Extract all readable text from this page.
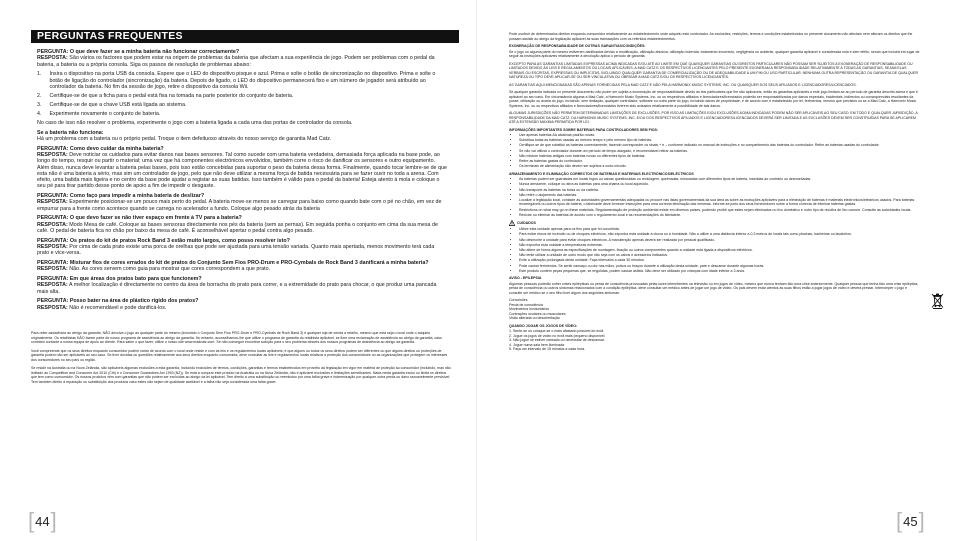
PERGUNTAS FREQUENTES

PERGUNTA: O que deve fazer se a minha bateria não funcionar correctamente?
RESPOSTA: São vários os factores que podem estar na origem de problemas da bateria que afectam a sua experiência de jogo. Podem ser problemas com o pedal da bateria, a bateria ou a própria consola. Siga os passos de resolução de problemas abaixo:

1. Insira o dispositivo na porta USB da consola. Espere que o LED do dispositivo pisque e azul. Prima e solte o botão de sincronização no dispositivo. Prima e solte o botão de ligação do controlador (sincronização) da bateria. Depois de ligado, o LED do dispositivo permanecerá fixo e um número de jogador será atribuído ao controlador da bateria. No fim da sessão de jogo, retire o dispositivo da consola Wii.
2. Certifique-se de que a ficha para o pedal está fixa na tomada na parte posterior do conjunto de bateria.
3. Certifique-se de que a chave USB está ligada ao sistema.
4. Experimente novamente o conjunto de bateria.

No caso de isso não resolver o problema, experimente o jogo com a bateria ligada a cada uma das portas de controlador da consola.

Se a bateria não funciona:
Há um problema com a bateria ou o próprio pedal. Troque o item defeituoso através do nosso serviço de garantia Mad Catz.

PERGUNTA: Como devo cuidar da minha bateria?
RESPOSTA: Deve noticiar os cuidados para evitar danos nas bases sensores. Tal como sucede com uma bateria verdadeira, demasiada força aplicada na base pode, ao longo do tempo, resquir ou partir o material; uma vez que há componentes electrónicos envolvidos, também corre o risco de danificar os sensores e outro equipamento. Além disso, nunca deve levantar a bateria pelas bases, pois isso estão concebidas para suportar o peso da bateria dessa forma. Finalmente, quando tocar lembre-se de que esta não é uma bateria a sério, mas sim um controlador de jogo, pelo que não deve utilizar a mesma força de batida necessária para se fazer ouvir no toda a arena. Com efeito, uma batida mais ligeira e no centro da base pode ajudar a registar as suas batidas. Isso também é válido para o pedal da bateria! Esteja atento à mola e coloque o seu pé para tirar partido desse ponto de apoio a fim de impedir o desgaste.

PERGUNTA: Como faço para impedir a minha bateria de deslizar?
RESPOSTA: Experimente posicionar-se um pouco mais perto do pedal. A bateria move-se menos se carregar para baixo como quando bate com o pé no chão, em vez de empurrar para a frente como acontece quando se carrega no acelerador a fundo. Coloque algo pesado atrás da bateria

PERGUNTA: O que devo fazer se não tiver espaço em frente à TV para a bateria?
RESPOSTA: Modo Mesa de café. Coloque as bases sensoras directamente nos pés da bateria (sem as pernas). Em seguida ponha o conjunto em cima da sua mesa de café. O pedal de bateria fica no chão por baixo da mesa de café. É aconselhável apertar o pedal contra algo pesado.

PERGUNTA: Os pratos do kit de pratos Rock Band 3 estão muito largos, como posso resolver isto?
RESPOSTA: Por cima de cada prato existe uma porca de orelhas que pode ser ajustada para uma tensão variada. Quanto mais apertada, menos movimento terá cada prato e vice-versa.

PERGUNTA: Misturar fios de cores errados do kit de pratos do Conjunto Sem Fios PRO-Drum e PRO-Cymbals de Rock Band 3 danificará a minha bateria?
RESPOSTA: Não. As cores servem como guia para mostrar que cores correspondem a que prato.

PERGUNTA: Em que áreas dos pratos bato para que funcionem?
RESPOSTA: A melhor localização é directamente no centro da área de borracha do prato para correr, e a extremidade do prato para chocar, o que produz uma pancada mais alta.

PERGUNTA: Posso bater na área de plástico rígido dos pratos?
RESPOSTA: Não é recomendável e pode danificá-los.

Para obter assistência ao abrigo da garantia, NÃO devolva o jogo ao qualquer parte do mesmo (incluindo o Conjunto Sem Fios PRO-Drum e PRO-Cymbals de Rock Band 3) e qualquer loja de venda a retalho, mesmo que esta seja o local onde o adquiriu originalmente. Os retalhistas NÃO fazem parte do nosso programa de assistência ao abrigo da garantia. No entanto, aconselhamos-lhe que utilize o programa de garantia do retalhista aplicável, se fizer uma reclamação de assistência ao abrigo da garantia, caso contrário contacte a nossa equipa de apoio ao cliente. Para saber o que fazer, utilize o nosso site www.madcatz.com. Se não conseguir encontrar solução para o seu problema através dos nossos programas de assistência ao abrigo da garantia.

Você compreende que os seus direitos enquanto consumidor podem variar de acordo com o local onde reside e com as leis e os regulamentos locais aplicáveis, e que alguns ou todos os seus direitos podem ser diferentes ou que alguns direitos ou proteções de garantia podem não ser aplicáveis ao seu caso. Se tiver dúvidas ou questões relativamente aos seus direitos enquanto consumidor, deve consultar as leis e regulamentos locais relativos a proteção dos consumidores ou as organizações que protegem os interesses dos consumidores no seu país ou região.

Se residir na Austrália ou na Nova Zelândia, são aplicáveis algumas exclusões a esta garantia, incluindo exclusões de termos, condições, garantias e termos estabelecidos em proveito da legislação em vigor em matéria de proteção ao consumidor (incluindo, mas não limitado ao Competition and Consumer Act 2010 (Cth) e o Consumer Guarantees Act 1993 (NZ)). Se está a comprar este produto na Austrália ou na Nova Zelândia, não é aplicável exclusões e limitações semelhantes. Nada nesta garantia exclui ou limita os direitos que tem como consumidor. Os nossos produtos vêm com garantias que não podem ser excluídas ao abrigo da lei aplicável. Tem direito a uma substituição ou reembolso por uma falha grave e indemnização por qualquer outra perda ou dano razoavelmente previsível. Tem também direito à reparação ou substituição dos produtos caso estes não sejam de qualidade aceitável e a falha não seja considerada uma falha grave.

[ 44 ]

Pode usufruir de determinados direitos enquanto consumidor relativamente ao estabelecimento onde adquiriu este controlador. As exclusões, restrições, termos e condições estabelecidos no presente documento não afectam nem alteram os direitos que lhe possam assistir ao abrigo da legislação aplicável às suas transacções com os referidos estabelecimentos.

EXONERAÇÃO DE RESPONSABILIDADE DE OUTRAS GARANTIAS/CONDIÇÕES:

Se o jogo ou alguma parte do mesmo estiverem danificados devido a modificação, utilização abusiva, utilização indevida, tratamento incorrecto, negligência ou acidente, qualquer garantia aplicável é considerada nula e sem efeito, sendo que incluirá em lugar de seguir as instruções aplicáveis relativamente à devolução aplica o período de garantia.

EXCEPTO PARA AS GARANTIAS LIMITADAS EXPRESSAS ACIMA INDICADAS E/OU ATÉ AO LIMITE EM QUE QUAISQUER GARANTIAS OU DIREITOS PARTICULARES NÃO POSSAM SER SUJEITOS A EXONERAÇÃO DE RESPONSABILIDADE OU LIMITADOS DEVIDO ÀS LEIS E REGULAMENTOS OU LOCAIS APLICÁVEIS, A MAD CATZ E OS RESPECTIVOS LICENCIANTES PELO PRESENTE EXONERAM A RESPONSABILIDADE RELATIVAMENTE A TODAS AS GARANTIAS, SEJAM ELAS VERBAIS OU ESCRITAS, EXPRESSAS OU IMPLÍCITAS, INCLUINDO QUALQUER GARANTIA DE COMERCIALIZAÇÃO OU DE ADEQUABILIDADE A UM FIM OU USO PARTICULAR. NENHUMA OUTRA REPRESENTAÇÃO OU GARANTIA DE QUALQUER NATUREZA OU TIPO DEVE APLICAR-SE OU SER VINCULATIVA OU OBRIGAR A MAD CATZ E/OU OS RESPECTIVOS LICENCIANTES.

AS GARANTIAS AQUI MENCIONADAS SÃO APENAS FORNECIDAS PELA MAD CATZ E NÃO PELA HARMONIX MUSIC SYSTEMS, INC. OU QUAISQUER DOS SEUS AFILIADOS E LICENCIADORES/LICENCIADOS.

Se qualquer garantia indicada no presente documento não puder ser sujeita a exoneração de responsabilidade devido às leis particulares que lhe são aplicáveis, então as garantias aplicáveis a este jogo limitam-se ao período de garantia descrito acima e que é aplicável ao seu caso. Em circunstância alguma a Mad Catz, a Harmonix Music Systems, Inc. ou os respectivos afiliados e licenciadores/licenciados poderão ser responsabilizados por danos especiais, incidentais, indirectos ou consequenciais resultantes da posse, utilização ou avaria do jogo, incluindo, sem limitação, qualquer controlador, software ou outra parte do jogo, incluindo danos de propriedade, e de acordo com e estabelecido por lei, ferimentos, mesmo que previstos ou se a Mad Catz, a Harmonix Music Systems, Inc. ou os respectivos afiliados e licenciadores/licenciados tiverem sido avisados relativamente à possibilidade de tais danos.

ALGUMAS JURISDIÇÕES NÃO PERMITEM DETERMINADAS LIMITAÇÕES DE EXCLUSÕES, POR ISSO AS LIMITAÇÕES E/OU EXCLUSÕES ACIMA INDICADAS PODEM NÃO SER APLICÁVEIS AO SEU CASO. EM TODO E QUALQUER JURISDIÇÃO, A RESPONSABILIDADE DA MAD CATZ, DA HARMONIX MUSIC SYSTEMS, INC. E/OU DOS RESPECTIVOS AFILIADOS E LICENCIADORES/LICENCIADOS DEVERÁ SER LIMITADA E AS EXCLUSÕES DEVEM SER CONSTRUÍDAS PARA SE APLICAREM ATÉ A EXTENSÃO MÁXIMA PERMITIDA POR LEI.

INFORMAÇÕES IMPORTANTES SOBRE BATERIAS PARA CONTROLADORES SEM FIOS:

• Use apenas baterias AA alcalinas padrão novas.
• Substitua todas as baterias usadas ao mesmo tempo e pelo mesmo tipo de baterias.
• Certifique-se de que substitui as baterias correctamente, fazendo corresponder os sinais + e – conforme indicado no manual de instruções e no compartimento das baterias do controlador. Retire as baterias usadas do controlador.
• Se não vai utilizar o controlador durante um período de tempo alargado, é recomendável retirar as baterias.
• Não misture baterias antigas com baterias novas ou diferentes tipos de baterias.
• Retire as baterias gastas do controlador.
• Os terminais de alimentação não devem ser sujeitos a curto-circuito.

ARMAZENAMENTO E ELIMINAÇÃO CORRECTOS DE BATERIAS E MATERIAIS ELECTRÓNICOS/ELÉCTRICOS

• As baterias podem ser guardadas em locais fogos ou caixas questionadas ou reciclagem, queimadas, misturadas com diferentes tipos de bateria, inseridas ao contrário ou desmontadas.
• Nunca armazene, coloque ou abra as baterias para uma chama ou local aquecido.
• Não transporte as baterias na bolsa ou na carteira.
• Não retire o alojamento das baterias.
• Localize a legislação local, contacte as autoridades governamentais adequadas ou procure nas listas governamentais da sua área as sobre as instruções aplicáveis para a eliminação de baterias e materiais electrónicos/eléctricos usados. Para baterias recarregáveis ou outros tipos de bateria, o fabricante deve fornecer instruções para uma correcta eliminação das mesmas. Informe-se junto dos seus fornecedores sobre a forma correcta de eliminar baterias gastas.
• Restrictions on what may go on these materials. Regulamentação de proteção ambiental existe em diversos países, podendo proibir que estes sejam eliminados no lixo doméstico e outro tipo de recolha de lixo comum. Consulte as autoridades locais.
• Reciclar ou eliminar as baterias de acordo com o regulamento local e as recomendações do fabricante.
CUIDADOS
• Utilize esta unidade apenas para os fins para que foi concebida.
• Para evitar riscos de incêndio ou de choques eléctricos, não exponha esta unidade à chuva ou à humidade. Não a utilize a uma distância inferior a 0,3 metros de locais tais como piscinas, banheiras ou lavatórios.
• Não desmonte a unidade para evitar choques eléctricos. A manutenção apenas deverá ser realizada por pessoal qualificado.
• Não exponha esta unidade a temperaturas extremas.
• Não altere de forma alguma as especificações de montagem, fixação ou outros componentes quando a unidade está ligada a dispositivos eléctricos.
• Não tente utilizar a unidade de outro modo que não seja com os cabos e acessórios indicados.
• Evite a utilização prolongada desta unidade. Faça intervalos a cada 30 minutos.
• Pode causar ferimentos. Se sentir cansaço ou dor nas mãos, pulsos ou braços durante a utilização desta unidade, pare e descanse durante algumas horas.
• Este produto contém peças pequenas que, se engolidas, podem causar asfixia. Não deve ser utilizado por crianças com idade inferior a 3 anos.

AVISO - EPILEPSIA

Algumas pessoas poderão sofrer crises epilépticas ou perda de consciência provocadas pelas luzes intermitentes na televisão ou em jogos de vídeo, mesmo que nunca tenham tido uma crise anteriormente. Qualquer pessoa que tenha tido uma crise epiléptica, perda de consciência ou outros sintomas relacionados com a condição epiléptica, deve consultar um médico antes de jogar um jogo de vídeo. Os pais devem estar atentos às suas filhos estão a jogar jogos de vídeo e deverá prestar. Interromper o jogo e consulte um médico se o seu filho tiver algum dos seguintes sintomas:

Convulsões
Perda de consciência
Movimentos involuntários
Contrações oculares ou musculares
Visão alterada ou desorientação

QUANDO JOGAR OS JOGOS DE VÍDEO:

1. Sente-se ou coloque-se o mais afastado possível do ecrã.
2. Jogue os jogos de vídeo no ecrã mais pequeno disponível.
3. Não jogue se estiver cansado ou necessitar de descansar.
4. Jogue numa sala bem iluminada.
5. Faça um intervalo de 15 minutos a cada hora.
[ 45 ]
